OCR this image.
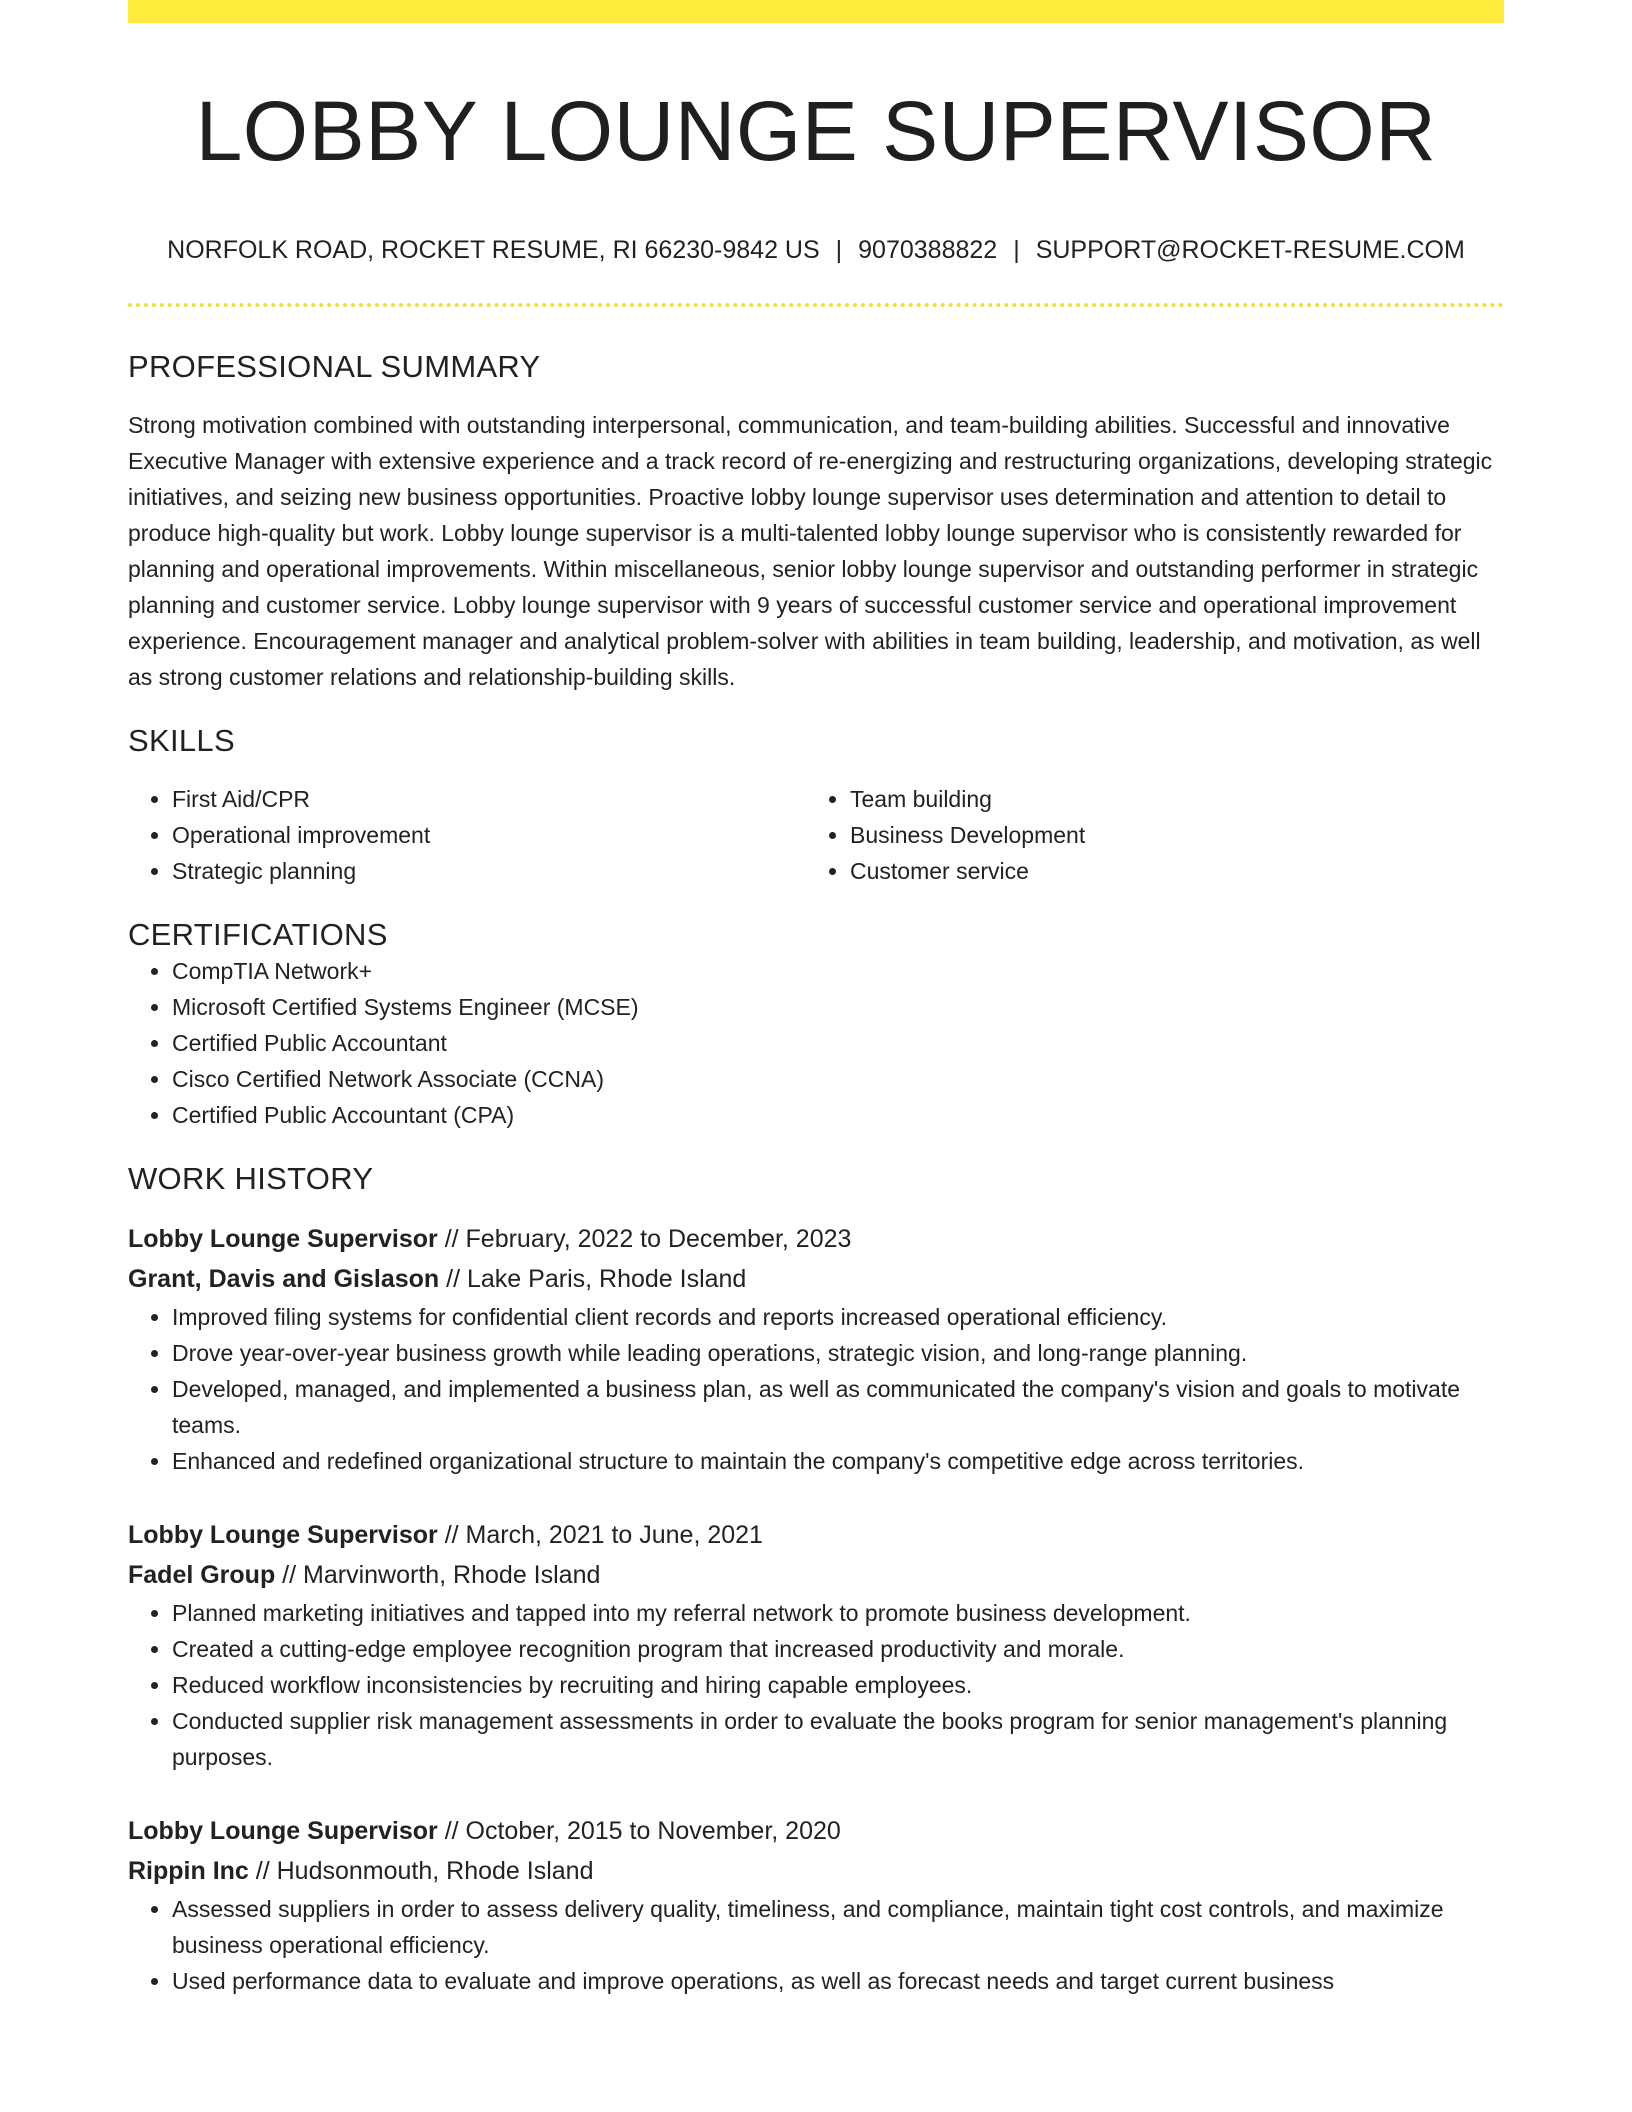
LOBBY LOUNGE SUPERVISOR
NORFOLK ROAD, ROCKET RESUME, RI 66230-9842 US | 9070388822 | SUPPORT@ROCKET-RESUME.COM
PROFESSIONAL SUMMARY
Strong motivation combined with outstanding interpersonal, communication, and team-building abilities. Successful and innovative Executive Manager with extensive experience and a track record of re-energizing and restructuring organizations, developing strategic initiatives, and seizing new business opportunities. Proactive lobby lounge supervisor uses determination and attention to detail to produce high-quality but work. Lobby lounge supervisor is a multi-talented lobby lounge supervisor who is consistently rewarded for planning and operational improvements. Within miscellaneous, senior lobby lounge supervisor and outstanding performer in strategic planning and customer service. Lobby lounge supervisor with 9 years of successful customer service and operational improvement experience. Encouragement manager and analytical problem-solver with abilities in team building, leadership, and motivation, as well as strong customer relations and relationship-building skills.
SKILLS
• First Aid/CPR
• Operational improvement
• Strategic planning
• Team building
• Business Development
• Customer service
CERTIFICATIONS
• CompTIA Network+
• Microsoft Certified Systems Engineer (MCSE)
• Certified Public Accountant
• Cisco Certified Network Associate (CCNA)
• Certified Public Accountant (CPA)
WORK HISTORY
Lobby Lounge Supervisor // February, 2022 to December, 2023
Grant, Davis and Gislason // Lake Paris, Rhode Island
• Improved filing systems for confidential client records and reports increased operational efficiency.
• Drove year-over-year business growth while leading operations, strategic vision, and long-range planning.
• Developed, managed, and implemented a business plan, as well as communicated the company's vision and goals to motivate teams.
• Enhanced and redefined organizational structure to maintain the company's competitive edge across territories.
Lobby Lounge Supervisor // March, 2021 to June, 2021
Fadel Group // Marvinworth, Rhode Island
• Planned marketing initiatives and tapped into my referral network to promote business development.
• Created a cutting-edge employee recognition program that increased productivity and morale.
• Reduced workflow inconsistencies by recruiting and hiring capable employees.
• Conducted supplier risk management assessments in order to evaluate the books program for senior management's planning purposes.
Lobby Lounge Supervisor // October, 2015 to November, 2020
Rippin Inc // Hudsonmouth, Rhode Island
• Assessed suppliers in order to assess delivery quality, timeliness, and compliance, maintain tight cost controls, and maximize business operational efficiency.
• Used performance data to evaluate and improve operations, as well as forecast needs and target current business
